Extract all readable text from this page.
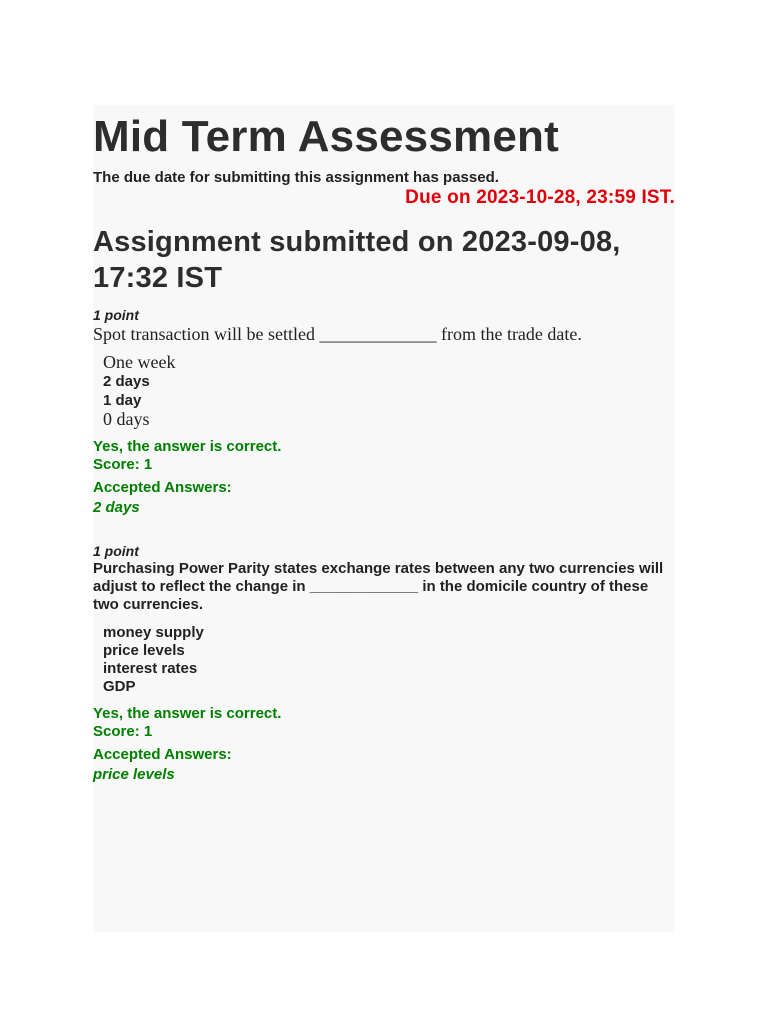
Mid Term Assessment
The due date for submitting this assignment has passed.
Due on 2023-10-28, 23:59 IST.
Assignment submitted on 2023-09-08, 17:32 IST
1 point
Spot transaction will be settled _____________ from the trade date.
One week
2 days
1 day
0 days
Yes, the answer is correct.
Score: 1
Accepted Answers:
2 days
1 point
Purchasing Power Parity states exchange rates between any two currencies will adjust to reflect the change in _____________ in the domicile country of these two currencies.
money supply
price levels
interest rates
GDP
Yes, the answer is correct.
Score: 1
Accepted Answers:
price levels
